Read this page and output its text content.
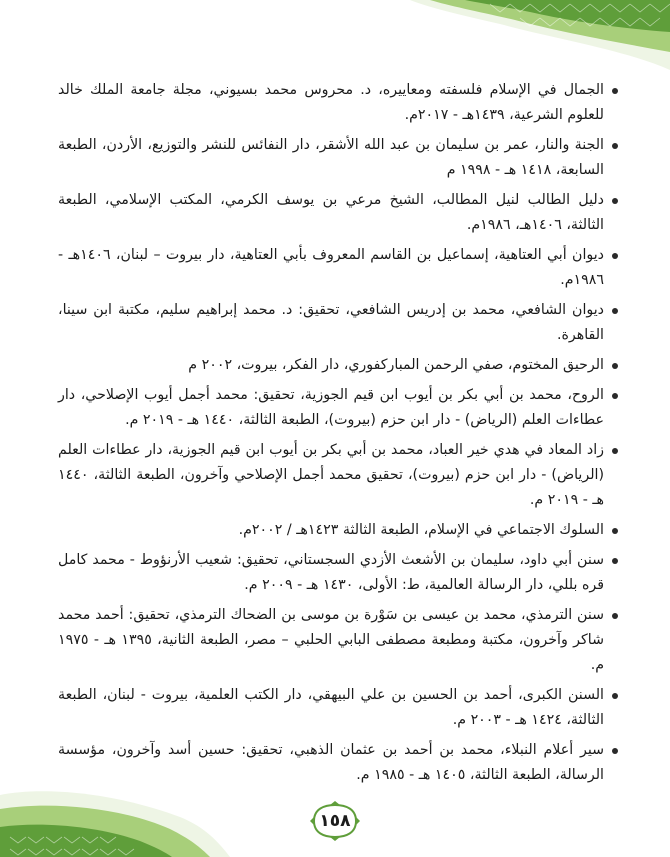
الجمال في الإسلام فلسفته ومعاييره، د. محروس محمد بسيوني، مجلة جامعة الملك خالد للعلوم الشرعية، ١٤٣٩هـ - ٢٠١٧م.
الجنة والنار، عمر بن سليمان بن عبد الله الأشقر، دار النفائس للنشر والتوزيع، الأردن، الطبعة السابعة، ١٤١٨ هـ - ١٩٩٨ م
دليل الطالب لنيل المطالب، الشيخ مرعي بن يوسف الكرمي، المكتب الإسلامي، الطبعة الثالثة، ١٤٠٦هـ، ١٩٨٦م.
ديوان أبي العتاهية، إسماعيل بن القاسم المعروف بأبي العتاهية، دار بيروت – لبنان، ١٤٠٦هـ - ١٩٨٦م.
ديوان الشافعي، محمد بن إدريس الشافعي، تحقيق: د. محمد إبراهيم سليم، مكتبة ابن سينا، القاهرة.
الرحيق المختوم، صفي الرحمن المباركفوري، دار الفكر، بيروت، ٢٠٠٢ م
الروح، محمد بن أبي بكر بن أيوب ابن قيم الجوزية، تحقيق: محمد أجمل أيوب الإصلاحي، دار عطاءات العلم (الرياض) - دار ابن حزم (بيروت)، الطبعة الثالثة، ١٤٤٠ هـ - ٢٠١٩ م.
زاد المعاد في هدي خير العباد، محمد بن أبي بكر بن أيوب ابن قيم الجوزية، دار عطاءات العلم (الرياض) - دار ابن حزم (بيروت)، تحقيق محمد أجمل الإصلاحي وآخرون، الطبعة الثالثة، ١٤٤٠ هـ - ٢٠١٩ م.
السلوك الاجتماعي في الإسلام، الطبعة الثالثة ١٤٢٣هـ / ٢٠٠٢م.
سنن أبي داود، سليمان بن الأشعث الأزدي السجستاني، تحقيق: شعيب الأرنؤوط - محمد كامل قره بللي، دار الرسالة العالمية، ط: الأولى، ١٤٣٠ هـ - ٢٠٠٩ م.
سنن الترمذي، محمد بن عيسى بن سَوْرة بن موسى بن الضحاك الترمذي، تحقيق: أحمد محمد شاكر وآخرون، مكتبة ومطبعة مصطفى البابي الحلبي – مصر، الطبعة الثانية، ١٣٩٥ هـ - ١٩٧٥ م.
السنن الكبرى، أحمد بن الحسين بن علي البيهقي، دار الكتب العلمية، بيروت - لبنان، الطبعة الثالثة، ١٤٢٤ هـ - ٢٠٠٣ م.
سير أعلام النبلاء، محمد بن أحمد بن عثمان الذهبي، تحقيق: حسين أسد وآخرون، مؤسسة الرسالة، الطبعة الثالثة، ١٤٠٥ هـ - ١٩٨٥ م.
١٥٨
